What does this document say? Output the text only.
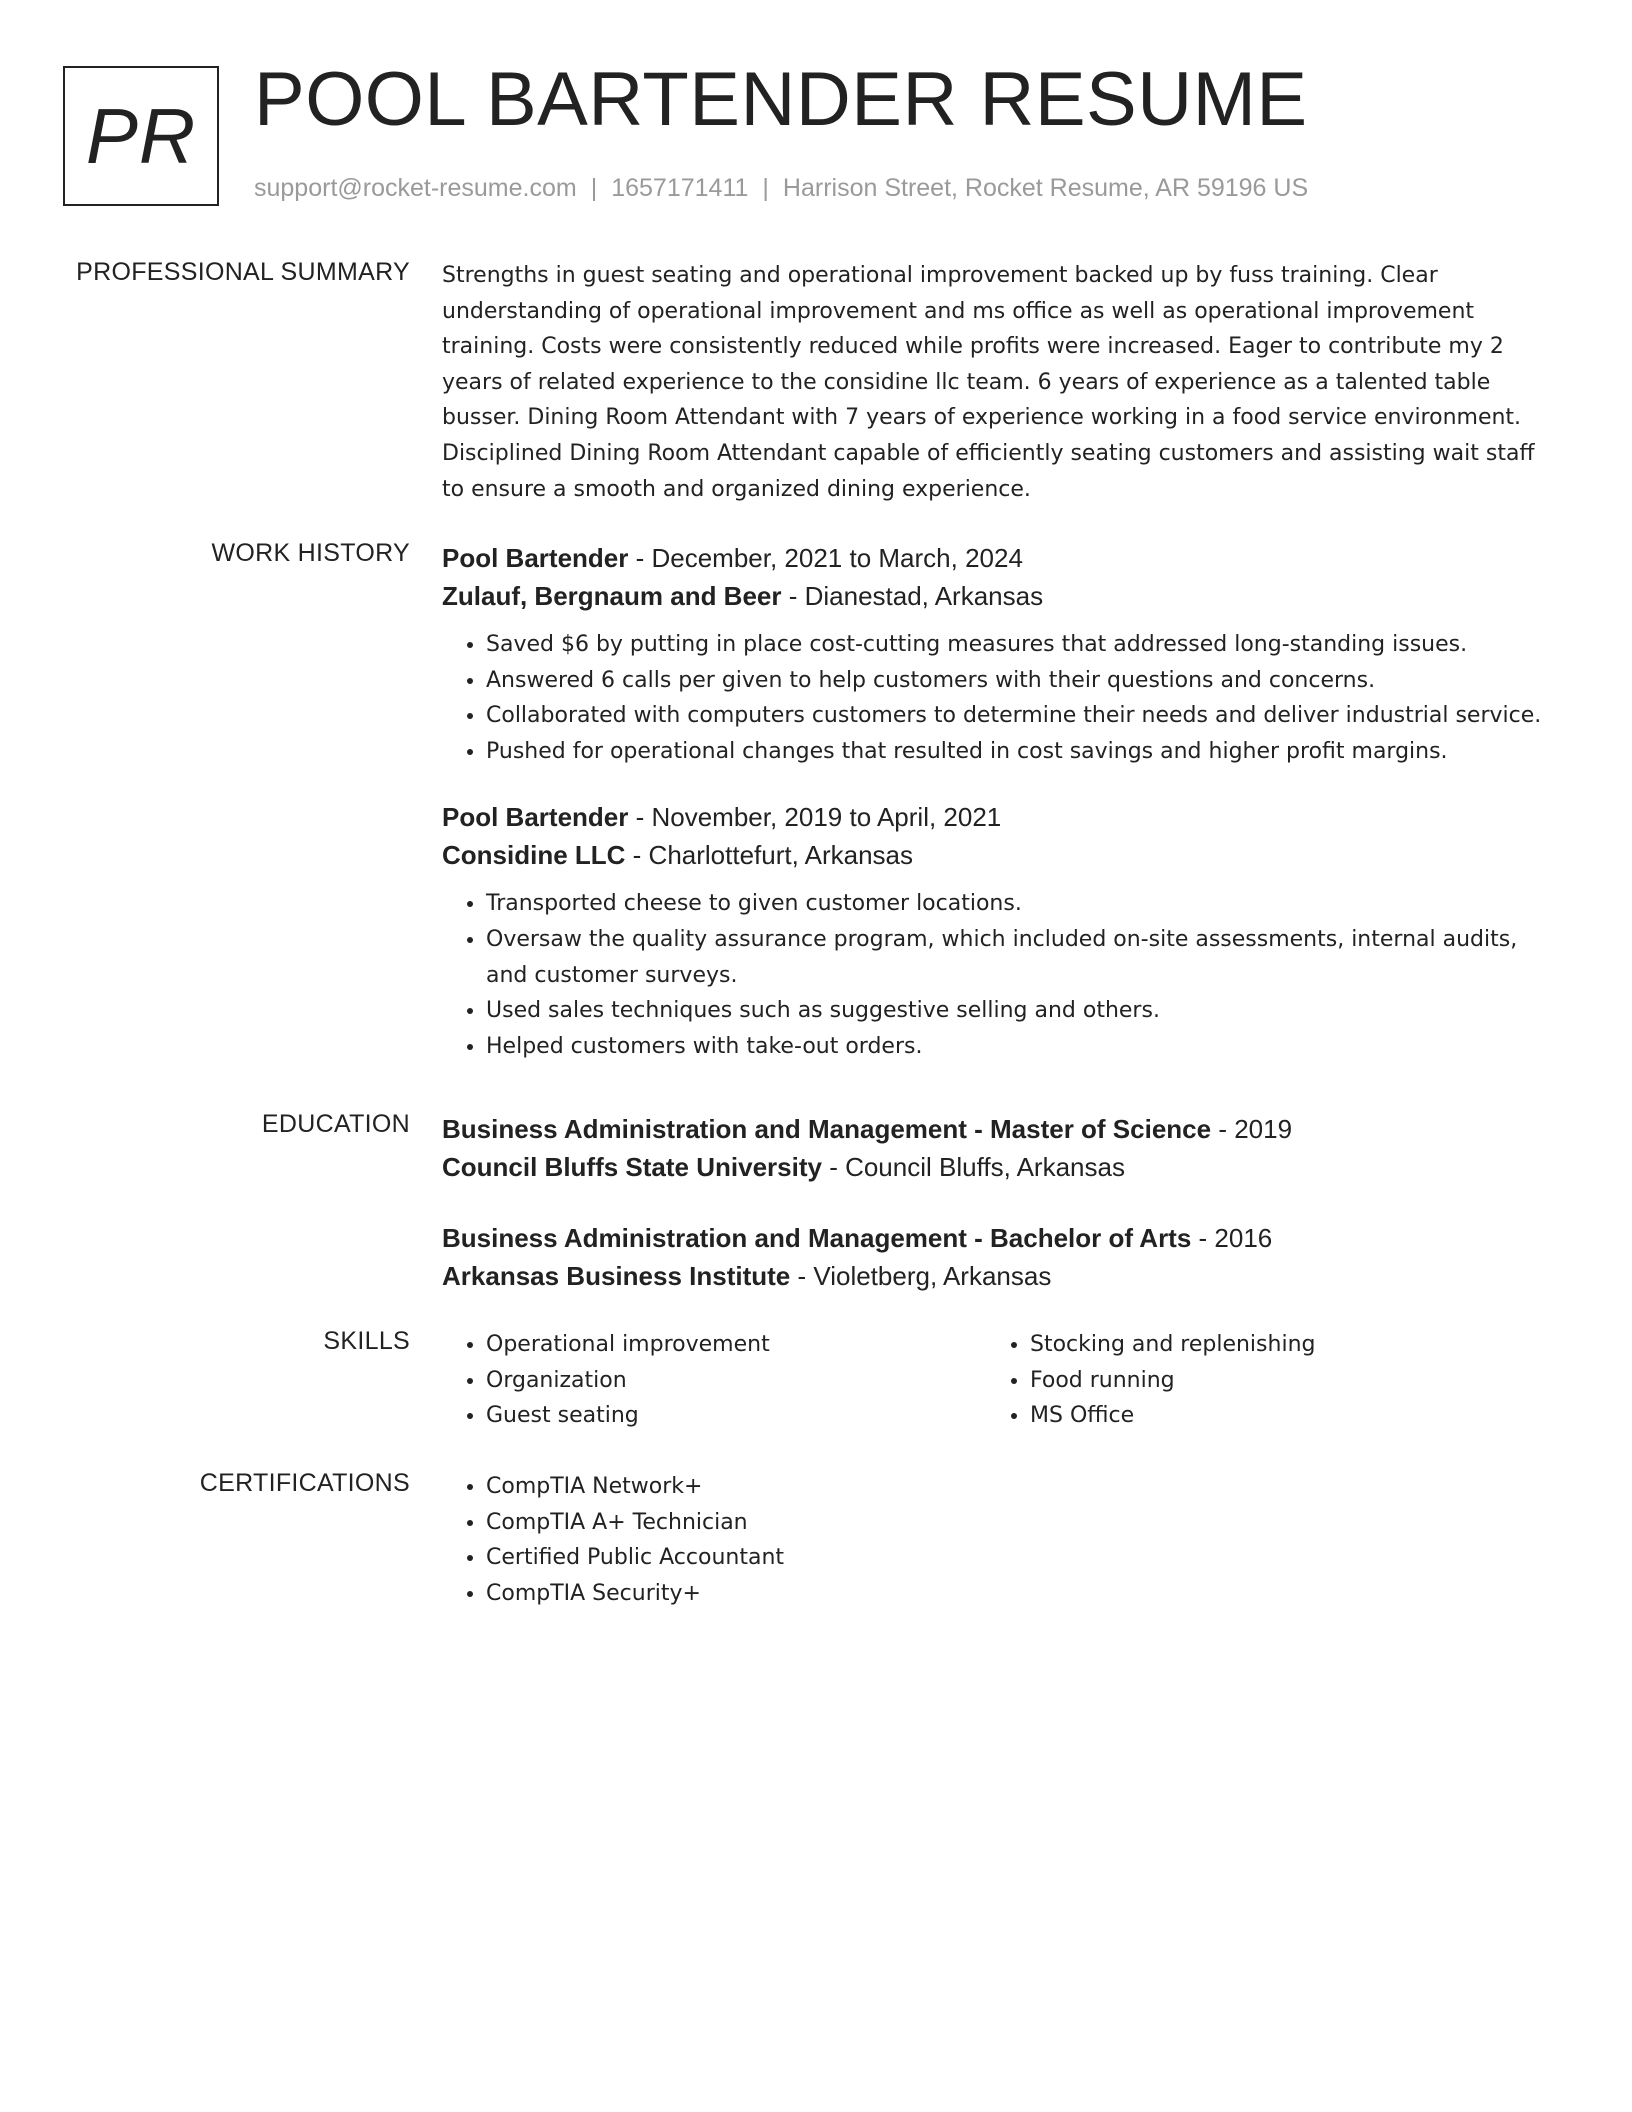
PR POOL BARTENDER RESUME
support@rocket-resume.com | 1657171411 | Harrison Street, Rocket Resume, AR 59196 US
PROFESSIONAL SUMMARY Strengths in guest seating and operational improvement backed up by fuss training. Clear understanding of operational improvement and ms office as well as operational improvement training. Costs were consistently reduced while profits were increased. Eager to contribute my 2 years of related experience to the considine llc team. 6 years of experience as a talented table busser. Dining Room Attendant with 7 years of experience working in a food service environment. Disciplined Dining Room Attendant capable of efficiently seating customers and assisting wait staff to ensure a smooth and organized dining experience.

WORK HISTORY Pool Bartender - December, 2021 to March, 2024
Zulauf, Bergnaum and Beer - Dianestad, Arkansas
• Saved $6 by putting in place cost-cutting measures that addressed long-standing issues.
• Answered 6 calls per given to help customers with their questions and concerns.
• Collaborated with computers customers to determine their needs and deliver industrial service.
• Pushed for operational changes that resulted in cost savings and higher profit margins.
Pool Bartender - November, 2019 to April, 2021
Considine LLC - Charlottefurt, Arkansas
• Transported cheese to given customer locations.
• Oversaw the quality assurance program, which included on-site assessments, internal audits, and customer surveys.
• Used sales techniques such as suggestive selling and others.
• Helped customers with take-out orders.
EDUCATION Business Administration and Management - Master of Science - 2019
Council Bluffs State University - Council Bluffs, Arkansas
Business Administration and Management - Bachelor of Arts - 2016
Arkansas Business Institute - Violetberg, Arkansas
SKILLS	• Operational improvement
• Organization
• Guest seating
• Stocking and replenishing
• Food running
• MS Office
CERTIFICATIONS	• CompTIA Network+
• CompTIA A+ Technician
• Certified Public Accountant
• CompTIA Security+
